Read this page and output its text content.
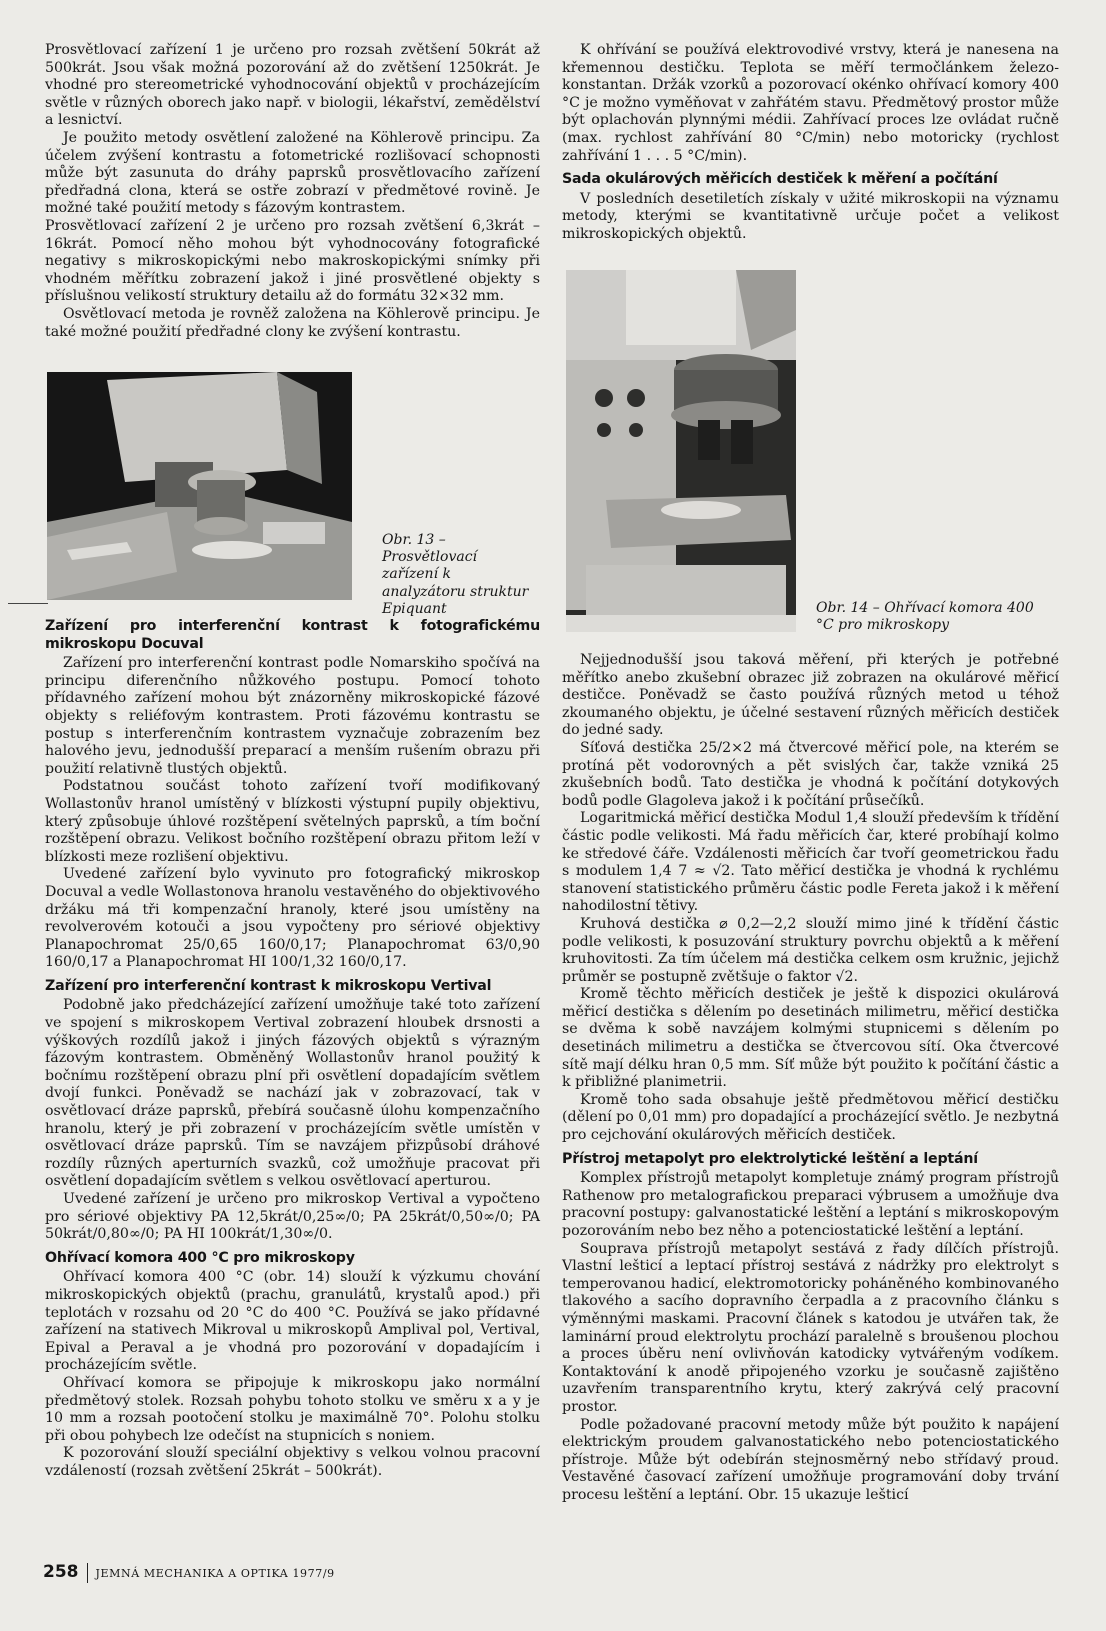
Prosvětlovací zařízení 1 je určeno pro rozsah zvětšení 50krát až 500krát. Jsou však možná pozorování až do zvětšení 1250krát. Je vhodné pro stereometrické vyhodnocování objektů v procházejícím světle v různých oborech jako např. v biologii, lékařství, zemědělství a lesnictví.

Je použito metody osvětlení založené na Köhlerově principu. Za účelem zvýšení kontrastu a fotometrické rozlišovací schopnosti může být zasunuta do dráhy paprsků prosvětlovacího zařízení předřadná clona, která se ostře zobrazí v předmětové rovině. Je možné také použití metody s fázovým kontrastem.

Prosvětlovací zařízení 2 je určeno pro rozsah zvětšení 6,3krát – 16krát. Pomocí něho mohou být vyhodnocovány fotografické negativy s mikroskopickými nebo makroskopickými snímky při vhodném měřítku zobrazení jakož i jiné prosvětlené objekty s příslušnou velikostí struktury detailu až do formátu 32×32 mm.

Osvětlovací metoda je rovněž založena na Köhlerově principu. Je také možné použití předřadné clony ke zvýšení kontrastu.

Obr. 13 – Prosvětlovací zařízení k analyzátoru struktur Epiquant
Zařízení pro interferenční kontrast k fotografickému mikroskopu Docuval

Zařízení pro interferenční kontrast podle Nomarskiho spočívá na principu diferenčního nůžkového postupu. Pomocí tohoto přídavného zařízení mohou být znázorněny mikroskopické fázové objekty s reliéfovým kontrastem. Proti fázovému kontrastu se postup s interferenčním kontrastem vyznačuje zobrazením bez halového jevu, jednodušší preparací a menším rušením obrazu při použití relativně tlustých objektů.

Podstatnou součást tohoto zařízení tvoří modifikovaný Wollastonův hranol umístěný v blízkosti výstupní pupily objektivu, který způsobuje úhlové rozštěpení světelných paprsků, a tím boční rozštěpení obrazu. Velikost bočního rozštěpení obrazu přitom leží v blízkosti meze rozlišení objektivu.

Uvedené zařízení bylo vyvinuto pro fotografický mikroskop Docuval a vedle Wollastonova hranolu vestavěného do objektivového držáku má tři kompenzační hranoly, které jsou umístěny na revolverovém kotouči a jsou vypočteny pro sériové objektivy Planapochromat 25/0,65 160/0,17; Planapochromat 63/0,90 160/0,17 a Planapochromat HI 100/1,32 160/0,17.

Zařízení pro interferenční kontrast k mikroskopu Vertival

Podobně jako předcházející zařízení umožňuje také toto zařízení ve spojení s mikroskopem Vertival zobrazení hloubek drsnosti a výškových rozdílů jakož i jiných fázových objektů s výrazným fázovým kontrastem. Obměněný Wollastonův hranol použitý k bočnímu rozštěpení obrazu plní při osvětlení dopadajícím světlem dvojí funkci. Poněvadž se nachází jak v zobrazovací, tak v osvětlovací dráze paprsků, přebírá současně úlohu kompenzačního hranolu, který je při zobrazení v procházejícím světle umístěn v osvětlovací dráze paprsků. Tím se navzájem přizpůsobí dráhové rozdíly různých aperturních svazků, což umožňuje pracovat při osvětlení dopadajícím světlem s velkou osvětlovací aperturou.

Uvedené zařízení je určeno pro mikroskop Vertival a vypočteno pro sériové objektivy PA 12,5krát/0,25∞/0; PA 25krát/0,50∞/0; PA 50krát/0,80∞/0; PA HI 100krát/1,30∞/0.

Ohřívací komora 400 °C pro mikroskopy

Ohřívací komora 400 °C (obr. 14) slouží k výzkumu chování mikroskopických objektů (prachu, granulátů, krystalů apod.) při teplotách v rozsahu od 20 °C do 400 °C. Používá se jako přídavné zařízení na stativech Mikroval u mikroskopů Amplival pol, Vertival, Epival a Peraval a je vhodná pro pozorování v dopadajícím i procházejícím světle.

Ohřívací komora se připojuje k mikroskopu jako normální předmětový stolek. Rozsah pohybu tohoto stolku ve směru x a y je 10 mm a rozsah pootočení stolku je maximálně 70°. Polohu stolku při obou pohybech lze odečíst na stupnicích s noniem.

K pozorování slouží speciální objektivy s velkou volnou pracovní vzdáleností (rozsah zvětšení 25krát – 500krát).

K ohřívání se používá elektrovodivé vrstvy, která je nanesena na křemennou destičku. Teplota se měří termočlánkem železo-konstantan. Držák vzorků a pozorovací okénko ohřívací komory 400 °C je možno vyměňovat v zahřátém stavu. Předmětový prostor může být oplachován plynnými médii. Zahřívací proces lze ovládat ručně (max. rychlost zahřívání 80 °C/min) nebo motoricky (rychlost zahřívání 1 . . . 5 °C/min).

Sada okulárových měřicích destiček k měření a počítání

V posledních desetiletích získaly v užité mikroskopii na významu metody, kterými se kvantitativně určuje počet a velikost mikroskopických objektů.

Obr. 14 – Ohřívací komora 400 °C pro mikroskopy

Nejjednodušší jsou taková měření, při kterých je potřebné měřítko anebo zkušební obrazec již zobrazen na okulárové měřicí destičce. Poněvadž se často používá různých metod u téhož zkoumaného objektu, je účelné sestavení různých měřicích destiček do jedné sady.

Síťová destička 25/2×2 má čtvercové měřicí pole, na kterém se protíná pět vodorovných a pět svislých čar, takže vzniká 25 zkušebních bodů. Tato destička je vhodná k počítání dotykových bodů podle Glagoleva jakož i k počítání průsečíků.

Logaritmická měřicí destička Modul 1,4 slouží především k třídění částic podle velikosti. Má řadu měřicích čar, které probíhají kolmo ke středové čáře. Vzdálenosti měřicích čar tvoří geometrickou řadu s modulem 1,4 7 ≈ √2. Tato měřicí destička je vhodná k rychlému stanovení statistického průměru částic podle Fereta jakož i k měření nahodilostní tětivy.

Kruhová destička ⌀ 0,2—2,2 slouží mimo jiné k třídění částic podle velikosti, k posuzování struktury povrchu objektů a k měření kruhovitosti. Za tím účelem má destička celkem osm kružnic, jejichž průměr se postupně zvětšuje o faktor √2.

Kromě těchto měřicích destiček je ještě k dispozici okulárová měřicí destička s dělením po desetinách milimetru, měřicí destička se dvěma k sobě navzájem kolmými stupnicemi s dělením po desetinách milimetru a destička se čtvercovou sítí. Oka čtvercové sítě mají délku hran 0,5 mm. Síť může být použito k počítání částic a k přibližné planimetrii.

Kromě toho sada obsahuje ještě předmětovou měřicí destičku (dělení po 0,01 mm) pro dopadající a procházející světlo. Je nezbytná pro cejchování okulárových měřicích destiček.

Přístroj metapolyt pro elektrolytické leštění a leptání

Komplex přístrojů metapolyt kompletuje známý program přístrojů Rathenow pro metalografickou preparaci výbrusem a umožňuje dva pracovní postupy: galvanostatické leštění a leptání s mikroskopovým pozorováním nebo bez něho a potenciostatické leštění a leptání.

Souprava přístrojů metapolyt sestává z řady dílčích přístrojů. Vlastní lešticí a leptací přístroj sestává z nádržky pro elektrolyt s temperovanou hadicí, elektromotoricky poháněného kombinovaného tlakového a sacího dopravního čerpadla a z pracovního článku s výměnnými maskami. Pracovní článek s katodou je utvářen tak, že laminární proud elektrolytu prochází paralelně s broušenou plochou a proces úběru není ovlivňován katodicky vytvářeným vodíkem. Kontaktování k anodě připojeného vzorku je současně zajištěno uzavřením transparentního krytu, který zakrývá celý pracovní prostor.

Podle požadované pracovní metody může být použito k napájení elektrickým proudem galvanostatického nebo potenciostatického přístroje. Může být odebírán stejnosměrný nebo střídavý proud. Vestavěné časovací zařízení umožňuje programování doby trvání procesu leštění a leptání. Obr. 15 ukazuje lešticí

258 JEMNÁ MECHANIKA A OPTIKA 1977/9
